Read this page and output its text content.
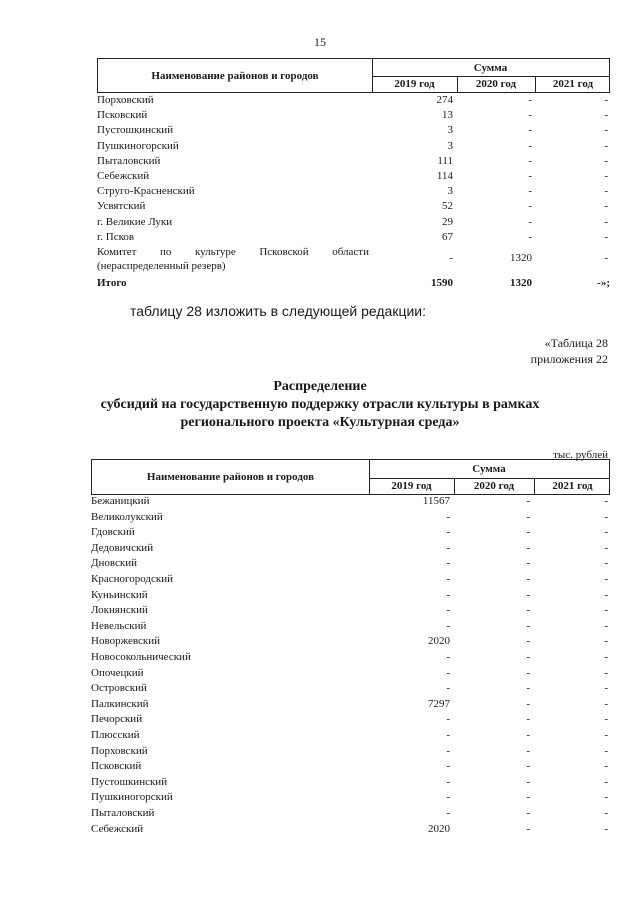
15
Наименование районов и городов
Сумма
2019 год	2020 год	2021 год
Порховский	274	-	-
Псковский	13	-	-
Пустошкинский	3	-	-
Пушкиногорский	3	-	-
Пыталовский	111	-	-
Себежский	114	-	-
Струго-Красненский	3	-	-
Усвятский	52	-	-
г. Великие Луки	29	-	-
г. Псков	67	-	-
Комитет по культуре Псковской области
(нераспределенный резерв)
-	1320	-
Итого	1590	1320	-»;
таблицу 28 изложить в следующей редакции:
«Таблица 28
приложения 22
Распределение
субсидий на государственную поддержку отрасли культуры в рамках
регионального проекта «Культурная среда»
тыс. рублей
Наименование районов и городов
Сумма
2019 год	2020 год	2021 год
Бежаницкий	11567	-	-
Великолукский	-	-	-
Гдовский	-	-	-
Дедовичский	-	-	-
Дновский	-	-	-
Красногородский	-	-	-
Куньинский	-	-	-
Локнянский	-	-	-
Невельский	-	-	-
Новоржевский	2020	-	-
Новосокольнический	-	-	-
Опочецкий	-	-	-
Островский	-	-	-
Палкинский	7297	-	-
Печорский	-	-	-
Плюсский	-	-	-
Порховский	-	-	-
Псковский	-	-	-
Пустошкинский	-	-	-
Пушкиногорский	-	-	-
Пыталовский	-	-	-
Себежский	2020	-	-
